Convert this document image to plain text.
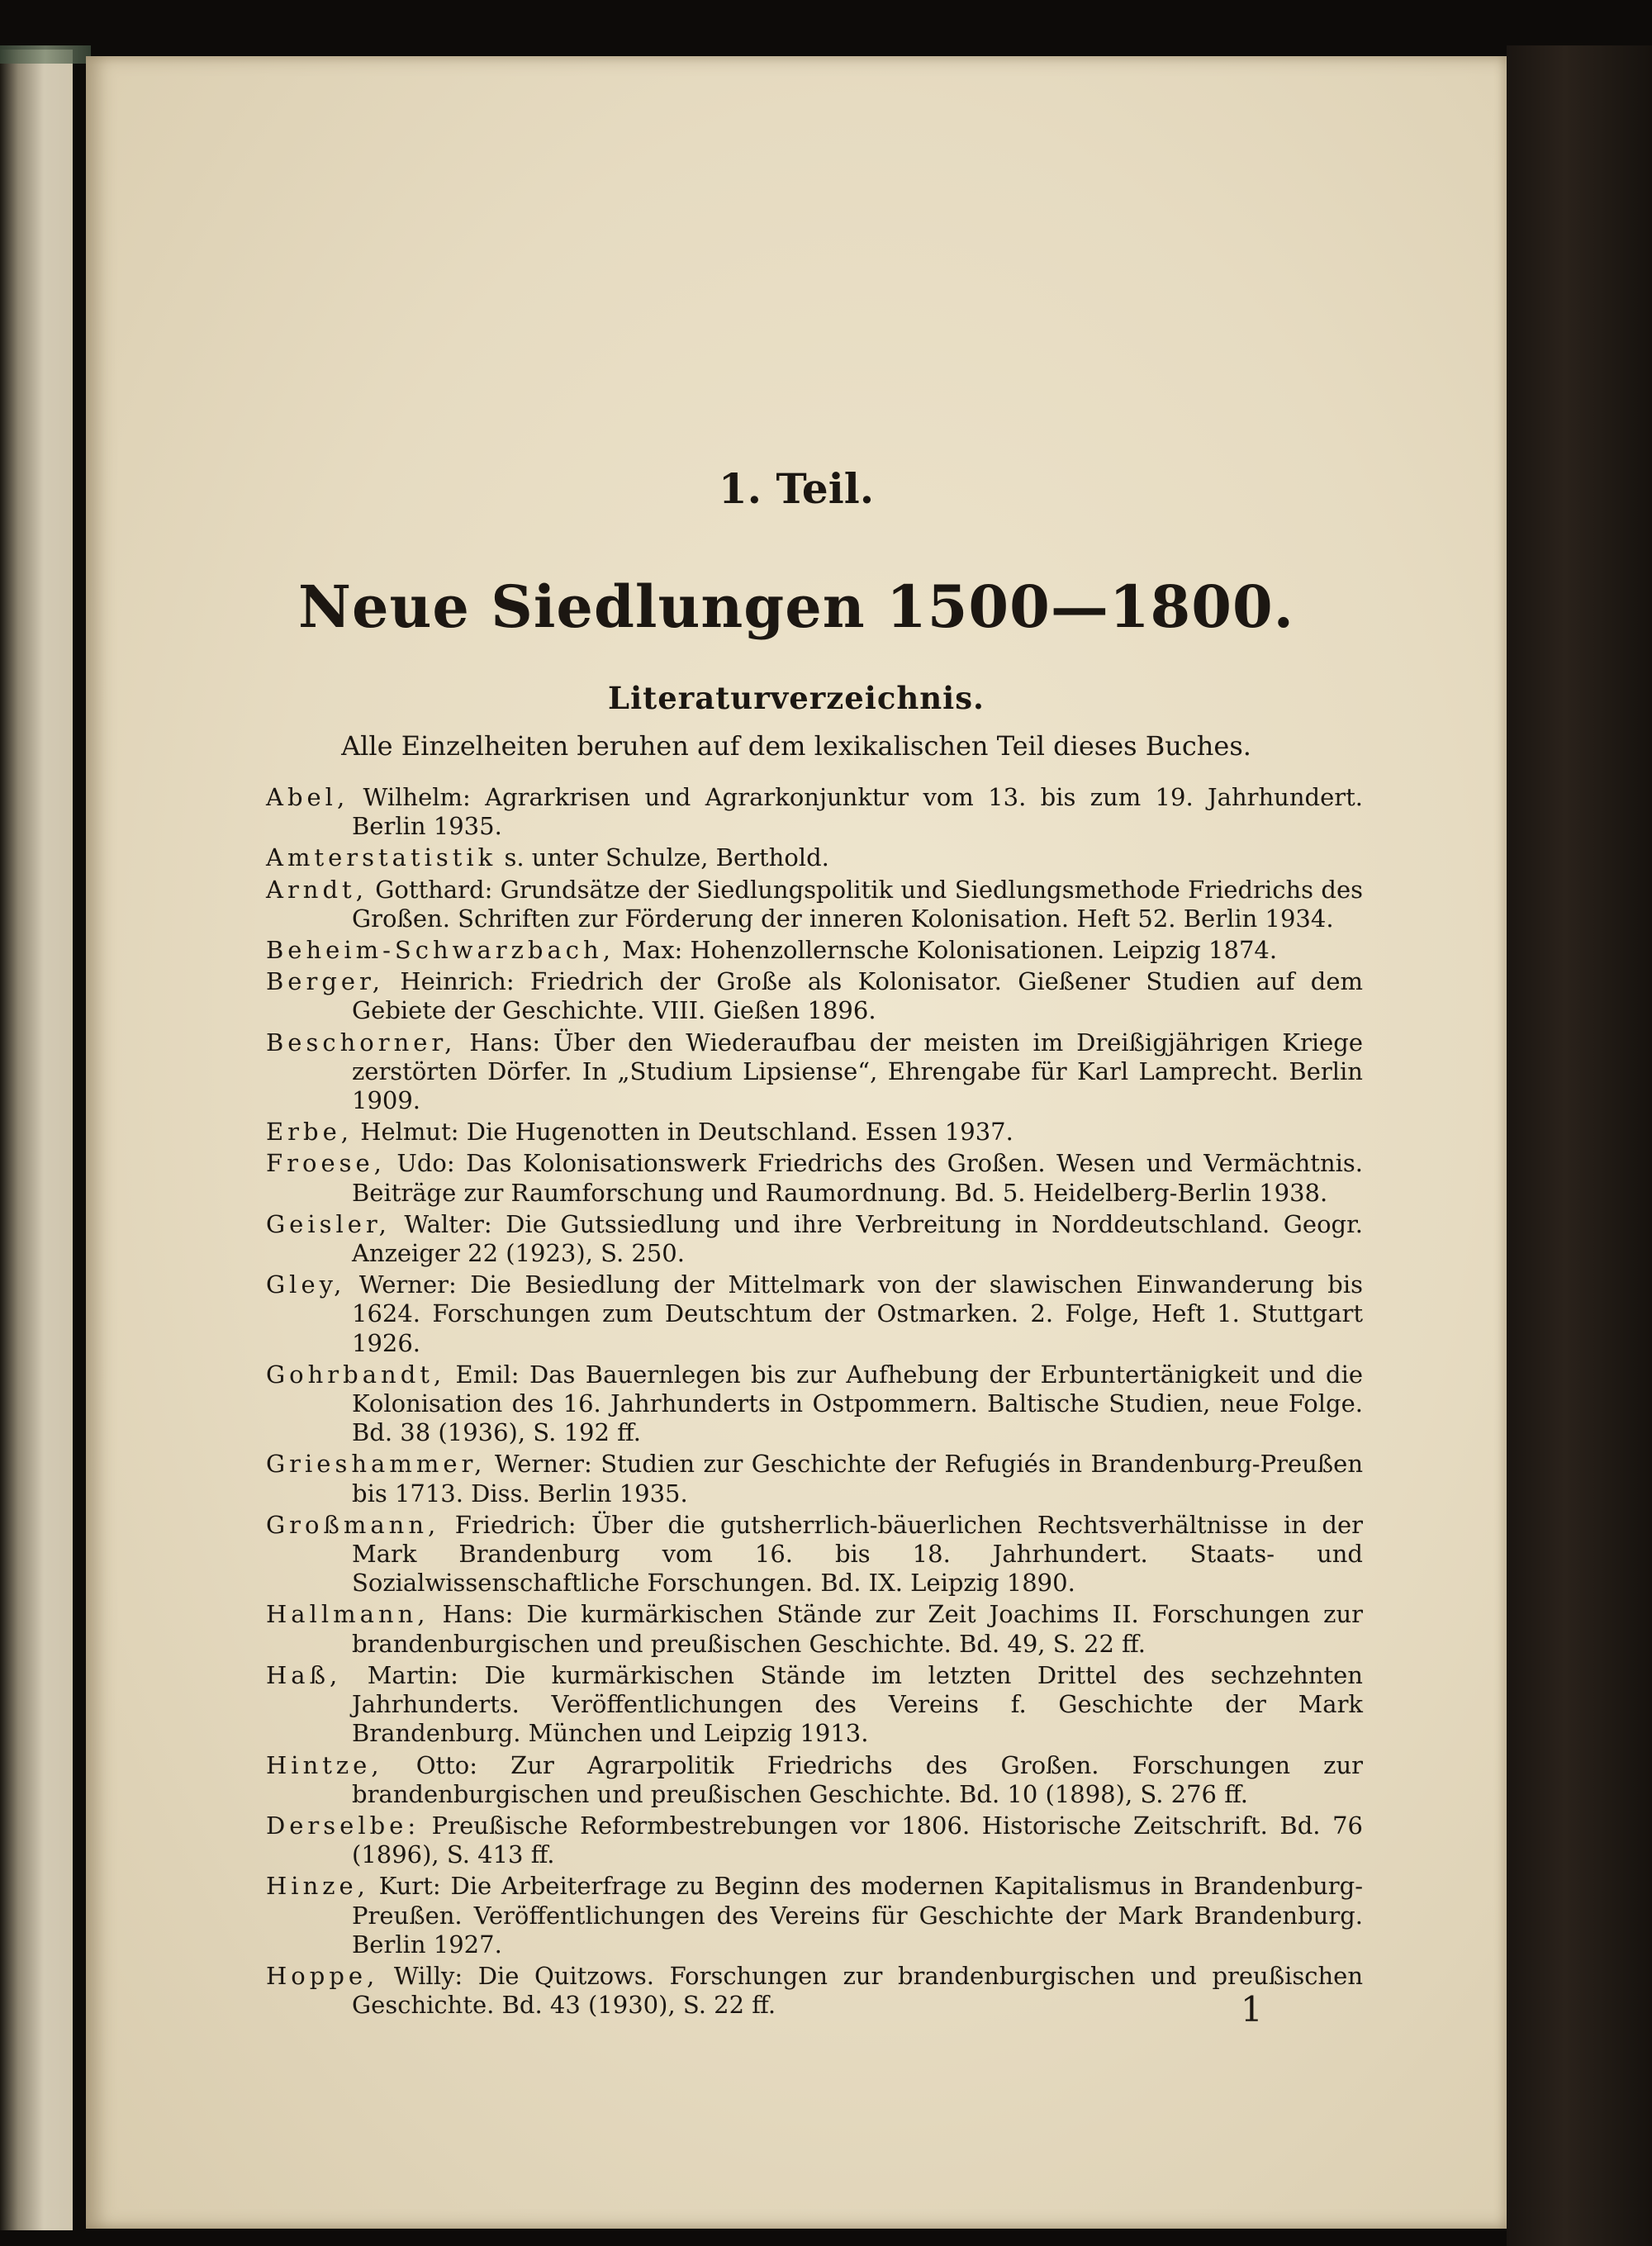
1. Teil.
Neue Siedlungen 1500—1800.
Literaturverzeichnis.

Alle Einzelheiten beruhen auf dem lexikalischen Teil dieses Buches.

Abel, Wilhelm: Agrarkrisen und Agrarkonjunktur vom 13. bis zum 19. Jahrhundert. Berlin 1935.
Amterstatistik s. unter Schulze, Berthold.
Arndt, Gotthard: Grundsätze der Siedlungspolitik und Siedlungsmethode Friedrichs des Großen. Schriften zur Förderung der inneren Kolonisation. Heft 52. Berlin 1934.
Beheim-Schwarzbach, Max: Hohenzollernsche Kolonisationen. Leipzig 1874.
Berger, Heinrich: Friedrich der Große als Kolonisator. Gießener Studien auf dem Gebiete der Geschichte. VIII. Gießen 1896.
Beschorner, Hans: Über den Wiederaufbau der meisten im Dreißigjährigen Kriege zerstörten Dörfer. In „Studium Lipsiense“, Ehrengabe für Karl Lamprecht. Berlin 1909.
Erbe, Helmut: Die Hugenotten in Deutschland. Essen 1937.
Froese, Udo: Das Kolonisationswerk Friedrichs des Großen. Wesen und Vermächtnis. Beiträge zur Raumforschung und Raumordnung. Bd. 5. Heidelberg-Berlin 1938.
Geisler, Walter: Die Gutssiedlung und ihre Verbreitung in Norddeutschland. Geogr. Anzeiger 22 (1923), S. 250.
Gley, Werner: Die Besiedlung der Mittelmark von der slawischen Einwanderung bis 1624. Forschungen zum Deutschtum der Ostmarken. 2. Folge, Heft 1. Stuttgart 1926.
Gohrbandt, Emil: Das Bauernlegen bis zur Aufhebung der Erbuntertänigkeit und die Kolonisation des 16. Jahrhunderts in Ostpommern. Baltische Studien, neue Folge. Bd. 38 (1936), S. 192 ff.
Grieshammer, Werner: Studien zur Geschichte der Refugiés in Brandenburg-Preußen bis 1713. Diss. Berlin 1935.
Großmann, Friedrich: Über die gutsherrlich-bäuerlichen Rechtsverhältnisse in der Mark Brandenburg vom 16. bis 18. Jahrhundert. Staats- und Sozialwissenschaftliche Forschungen. Bd. IX. Leipzig 1890.
Hallmann, Hans: Die kurmärkischen Stände zur Zeit Joachims II. Forschungen zur brandenburgischen und preußischen Geschichte. Bd. 49, S. 22 ff.
Haß, Martin: Die kurmärkischen Stände im letzten Drittel des sechzehnten Jahrhunderts. Veröffentlichungen des Vereins f. Geschichte der Mark Brandenburg. München und Leipzig 1913.
Hintze, Otto: Zur Agrarpolitik Friedrichs des Großen. Forschungen zur brandenburgischen und preußischen Geschichte. Bd. 10 (1898), S. 276 ff.
Derselbe: Preußische Reformbestrebungen vor 1806. Historische Zeitschrift. Bd. 76 (1896), S. 413 ff.
Hinze, Kurt: Die Arbeiterfrage zu Beginn des modernen Kapitalismus in Brandenburg-Preußen. Veröffentlichungen des Vereins für Geschichte der Mark Brandenburg. Berlin 1927.
Hoppe, Willy: Die Quitzows. Forschungen zur brandenburgischen und preußischen Geschichte. Bd. 43 (1930), S. 22 ff.	1
